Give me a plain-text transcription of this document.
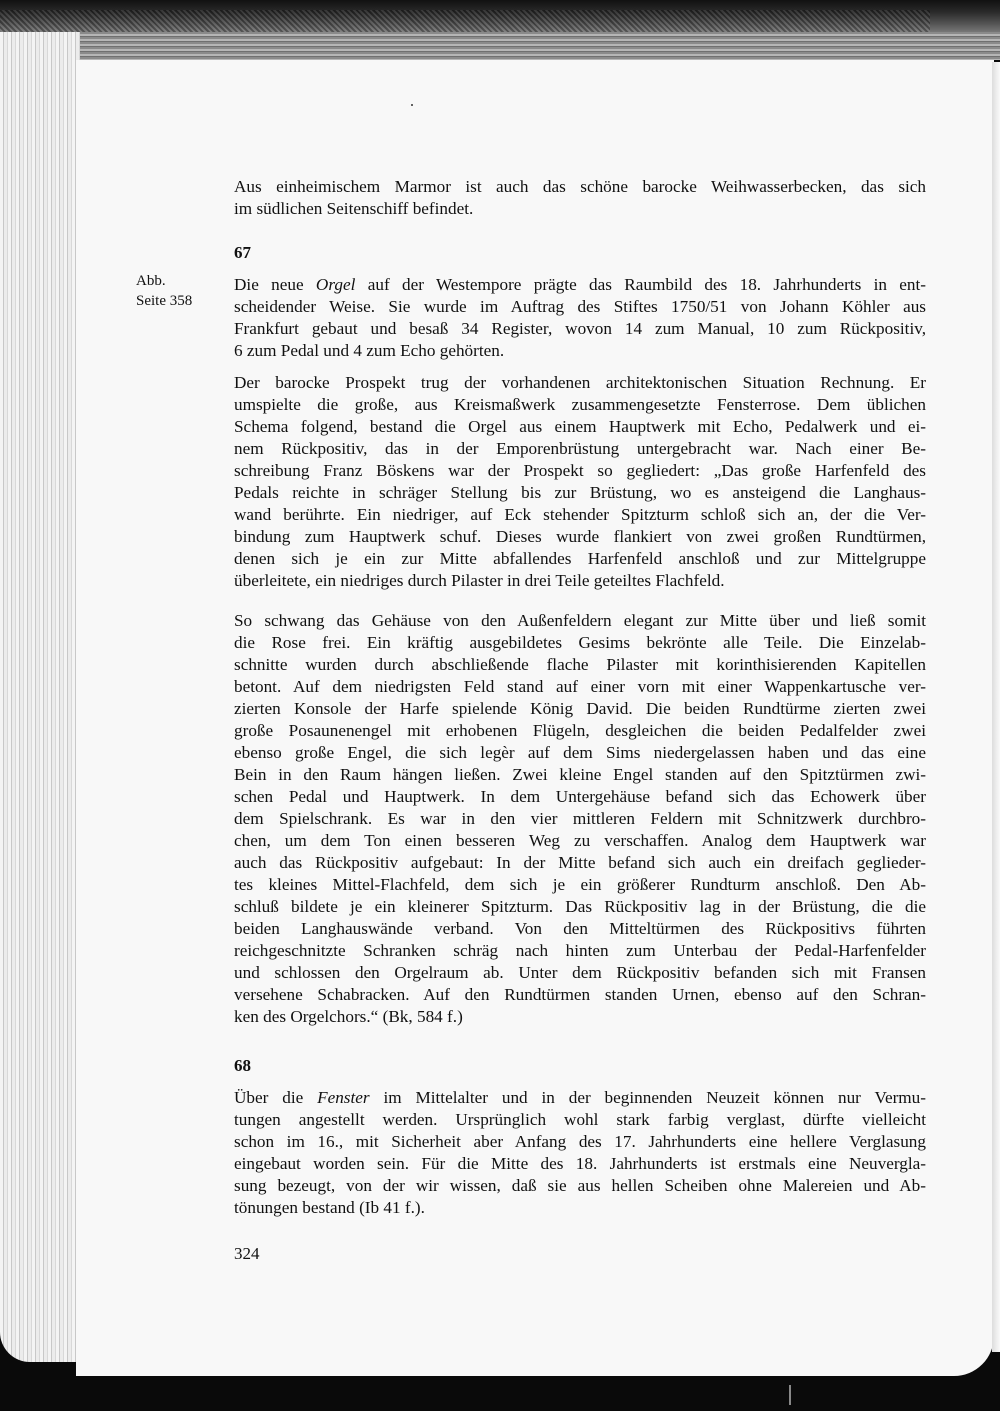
Aus einheimischem Marmor ist auch das schöne barocke Weihwasserbecken, das sich
im südlichen Seitenschiff befindet.
67
Abb.
Seite 358
Die neue Orgel auf der Westempore prägte das Raumbild des 18. Jahrhunderts in ent-
scheidender Weise. Sie wurde im Auftrag des Stiftes 1750/51 von Johann Köhler aus
Frankfurt gebaut und besaß 34 Register, wovon 14 zum Manual, 10 zum Rückpositiv,
6 zum Pedal und 4 zum Echo gehörten.
Der barocke Prospekt trug der vorhandenen architektonischen Situation Rechnung. Er
umspielte die große, aus Kreismaßwerk zusammengesetzte Fensterrose. Dem üblichen
Schema folgend, bestand die Orgel aus einem Hauptwerk mit Echo, Pedalwerk und ei-
nem Rückpositiv, das in der Emporenbrüstung untergebracht war. Nach einer Be-
schreibung Franz Böskens war der Prospekt so gegliedert: „Das große Harfenfeld des
Pedals reichte in schräger Stellung bis zur Brüstung, wo es ansteigend die Langhaus-
wand berührte. Ein niedriger, auf Eck stehender Spitzturm schloß sich an, der die Ver-
bindung zum Hauptwerk schuf. Dieses wurde flankiert von zwei großen Rundtürmen,
denen sich je ein zur Mitte abfallendes Harfenfeld anschloß und zur Mittelgruppe
überleitete, ein niedriges durch Pilaster in drei Teile geteiltes Flachfeld.
So schwang das Gehäuse von den Außenfeldern elegant zur Mitte über und ließ somit
die Rose frei. Ein kräftig ausgebildetes Gesims bekrönte alle Teile. Die Einzelab-
schnitte wurden durch abschließende flache Pilaster mit korinthisierenden Kapitellen
betont. Auf dem niedrigsten Feld stand auf einer vorn mit einer Wappenkartusche ver-
zierten Konsole der Harfe spielende König David. Die beiden Rundtürme zierten zwei
große Posaunenengel mit erhobenen Flügeln, desgleichen die beiden Pedalfelder zwei
ebenso große Engel, die sich legèr auf dem Sims niedergelassen haben und das eine
Bein in den Raum hängen ließen. Zwei kleine Engel standen auf den Spitztürmen zwi-
schen Pedal und Hauptwerk. In dem Untergehäuse befand sich das Echowerk über
dem Spielschrank. Es war in den vier mittleren Feldern mit Schnitzwerk durchbro-
chen, um dem Ton einen besseren Weg zu verschaffen. Analog dem Hauptwerk war
auch das Rückpositiv aufgebaut: In der Mitte befand sich auch ein dreifach geglieder-
tes kleines Mittel-Flachfeld, dem sich je ein größerer Rundturm anschloß. Den Ab-
schluß bildete je ein kleinerer Spitzturm. Das Rückpositiv lag in der Brüstung, die die
beiden Langhauswände verband. Von den Mitteltürmen des Rückpositivs führten
reichgeschnitzte Schranken schräg nach hinten zum Unterbau der Pedal-Harfenfelder
und schlossen den Orgelraum ab. Unter dem Rückpositiv befanden sich mit Fransen
versehene Schabracken. Auf den Rundtürmen standen Urnen, ebenso auf den Schran-
ken des Orgelchors.“ (Bk, 584 f.)
68
Über die Fenster im Mittelalter und in der beginnenden Neuzeit können nur Vermu-
tungen angestellt werden. Ursprünglich wohl stark farbig verglast, dürfte vielleicht
schon im 16., mit Sicherheit aber Anfang des 17. Jahrhunderts eine hellere Verglasung
eingebaut worden sein. Für die Mitte des 18. Jahrhunderts ist erstmals eine Neuvergla-
sung bezeugt, von der wir wissen, daß sie aus hellen Scheiben ohne Malereien und Ab-
tönungen bestand (Ib 41 f.).
324
